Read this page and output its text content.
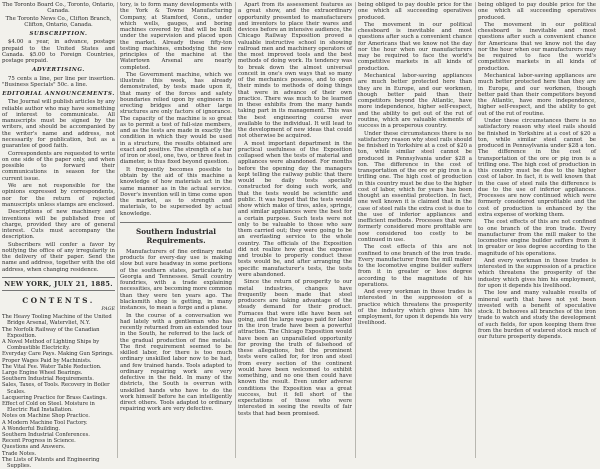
The Toronto Board Co., Toronto, Ontario, Canada.

The Toronto News Co., Clifton Branch, Clifton, Ontario, Canada.

SUBSCRIPTION.

$4.00 a year, in advance, postage prepaid to the United States and Canada. $5.00 to Foreign Countries, postage prepaid.

ADVERTISING.

75 cents a line, per line per insertion. "Business Specials" 50c. a line.

EDITORIAL ANNOUNCEMENTS.

The Journal will publish articles by any reliable author who may have something of interest to communicate. All manuscripts must be signed by the writers, and should be accompanied by the writer's name and address, not necessarily for publication, but as a guarantee of good faith.

Correspondents are requested to write on one side of the paper only, and when possible to forward their communications in season for the current issue.

We are not responsible for the opinions expressed by correspondents, nor for the return of rejected manuscripts unless stamps are enclosed.

Descriptions of new machinery and inventions will be published free of charge, provided they are of general interest. Cuts must accompany the description.

Subscribers will confer a favor by notifying the office of any irregularity in the delivery of their paper. Send the name and address, together with the old address, when changing residence.

NEW YORK, JULY 21, 1885.
CONTENTS.
PAGE
The Heavy Tooling Machine of the United Bridge Arsenal, Watervliet, N.Y.
The Norfolk Railway of the Canadian Exposition.
A Novel Method of Lighting Ships by Combustible Electricity.
Everyday Care Pays. Making Gun Springs.
Proper Wages Paid by Machinists.
The Vital Fee. Water Table Reduction.
Large Engine Wheel Bearings.
Southern Industrial Requirements.
Sales, Taxes, of Tools. Recovery in Boiler Scales.
Lacquering Practice for Brass Castings.
Effect of Cold on Steel. Moisture in Electric Rail Installation.
Notes on Machine Shop Practice.
A Modern Machine Tool Factory.
A Wonderful Building.
Southern Industrial Conferences.
Recent Progress in Science.
Questions and Answers.
Trade Notes.
The Lists of Patents and Engineering Supplies.

tory, is to form many developments with the York & Towne Manufacturing Company, at Stamford, Conn., under which wells, gauges, and boring machines covered by that will be built under the supervision and placed upon the market. Already these fifty-ton testing machines, embodying the new principles of the machine at the Watertown Arsenal are nearly completed.

The Government machine, which we illustrate this week, has already demonstrated, by tests made upon it, that many of the forces and safety boundaries relied upon by engineers in erecting bridges and other large structures are only factors of ignorance. The capacity of the machine is so great as to permit a test of full-size members, and as the tests are made in exactly the condition in which they would be used in a structure, the results obtained are exact and positive. The strength of a bar of iron or steel, one, two, or three feet in diameter, is thus fixed beyond question.

It frequently becomes possible to obtain by the aid of this machine a knowledge of how materials act in the same manner as in the actual service. Dover's invention will in time come upon the market, as to strength and materials, to be superseded by actual knowledge.

Southern Industrial Requirements.

Manufacturers of fine ordinary metal products for every-day use is making slow but sure headway in some portions of the southern states, particularly in Georgia and Tennessee. Small country foundries, with a trade explaining necessities, are becoming more common than they were ten years ago. The blacksmith shop is getting, in many instances, to mean a forge and a plane.

In the course of a conversation we had lately with a gentleman who has recently returned from an extended tour in the South, he referred to the lack of the gradual production of fine metals. The first requirement seemed to be skilled labor, for there is too much ordinary unskilled labor now to be had, and few trained hands. Tools adapted to ordinary repairing work are very defective in the field. In many of the districts, the South is overrun with unskilled hands who have to do the work himself before he can intelligently direct others. Tools adapted to ordinary repairing work are very defective.

Apart from its assessment features as a great show, and the extraordinary opportunity presented to manufacturers and inventors to place their wares and devices before an intensive audience, the Chicago Railway Exposition proved a valuable instructive school in showing railroad men and machinery operators of the most improved tools and the best methods of doing work. Its tendency was to break down the almost universal conceit in one's own ways that so many of the mechanics possess, and to open their minds to methods of doing things that were in advance of their own practice. There was much to be learned in these exhibits from the many hands taking part in its management. This was the best engineering course ever available to the individual. It will lead to the development of new ideas that could not otherwise be acquired.

A most important department in the practical usefulness of the Exposition collapsed when the tests of material and appliances were abandoned. For months before the opening day the managers kept telling the railway public that there would be daily tests specially constructed for doing such work, and that the tests would be scientific and public. It was hoped that the tests would show which make of tires, axles, springs, and similar appliances were the best for a certain purpose. Such tests were not only to be valuable to those who saw them carried out; they were going to be an everlasting service to the whole country. The officials of the Exposition did not realize how great the expense and trouble to properly conduct these tests would be, and after arranging the specific manufacturer's tests, the tests were abandoned.

Since the return of prosperity to our metal industries, changes have frequently been made that steel producers are taking advantage of the steady demand for their product. Furnaces that were idle have been set going, and the large wages paid for labor in the iron trade have been a powerful attraction. The Chicago Exposition would have been an unparalleled opportunity for proving the truth of falsehood of these allegations, but the prominent tests were called for, for iron and steel from every section of the continent would have been welcomed to exhibit something, and no one then could have known the result. Even under adverse conditions the Exposition was a great success, but it fell short of the expectations of those who were interested in seeing the results of fair tests that had been promised.

being obliged to pay double price for the one which all succeeding operatives produced.

The movement in our political chessboard is inevitable and most questions after such a convenient chance for Americans that we know not the day nor the hour when our manufacturers may be required to face the world's competitive markets in all kinds of production.

Mechanical labor-saving appliances are much better protected here than they are in Europe, and our workmen, though better paid than their competitors beyond the Atlantic, have more independence, higher self-respect, and the ability to get out of the rut of routine, which are valuable elements of success in a prosperous country.

Under these circumstances there is no satisfactory reason why steel rails should be finished in Yorkshire at a cost of $20 a ton, while similar steel cannot be produced in Pennsylvania under $28 a ton. The difference in the cost of transportation of the ore or pig iron is a trifling one. The high cost of production in this country must be due to the higher cost of labor, which for years has been thought an essential protection. In fact, one well known it is claimed that in the case of steel rails the extra cost is due to the use of inferior appliances and inefficient methods. Processes that were formerly considered more profitable are now considered too costly to be continued in use.

The cost effects of this are not confined to one branch of the iron trade. Every manufacturer from the mill maker to the locomotive engine builder suffers from it in greater or less degree according to the magnitude of his operations.

And every workman in those trades is interested in the suppression of a practice which threatens the prosperity of the industry which gives him his employment, for upon it depends his very livelihood.

being obliged to pay double price for the one which all succeeding operatives produced.

The movement in our political chessboard is inevitable and most questions after such a convenient chance for Americans that we know not the day nor the hour when our manufacturers may be required to face the world's competitive markets in all kinds of production.

Mechanical labor-saving appliances are much better protected here than they are in Europe, and our workmen, though better paid than their competitors beyond the Atlantic, have more independence, higher self-respect, and the ability to get out of the rut of routine.

Under these circumstances there is no satisfactory reason why steel rails should be finished in Yorkshire at a cost of $20 a ton, while similar steel cannot be produced in Pennsylvania under $28 a ton. The difference in the cost of transportation of the ore or pig iron is a trifling one. The high cost of production in this country must be due to the higher cost of labor. In fact, it is well known that in the case of steel rails the difference is due to the use of inferior appliances. Processes are now continued which were formerly considered unprofitable and the cost of production is enhanced by the extra expense of working them.

The cost effects of this are not confined to one branch of the iron trade. Every manufacturer from the mill maker to the locomotive engine builder suffers from it in greater or less degree according to the magnitude of his operations.

And every workman in those trades is interested in the suppression of a practice which threatens the prosperity of the industry which gives him his employment, for upon it depends his livelihood.

The low and many valuable results of mineral earth that have not yet been invested with a benefit of speculative stock. It behooves all branches of the iron trade to watch and study the development of such fields, for upon keeping them free from the burden of watered stock much of our future prosperity depends.
